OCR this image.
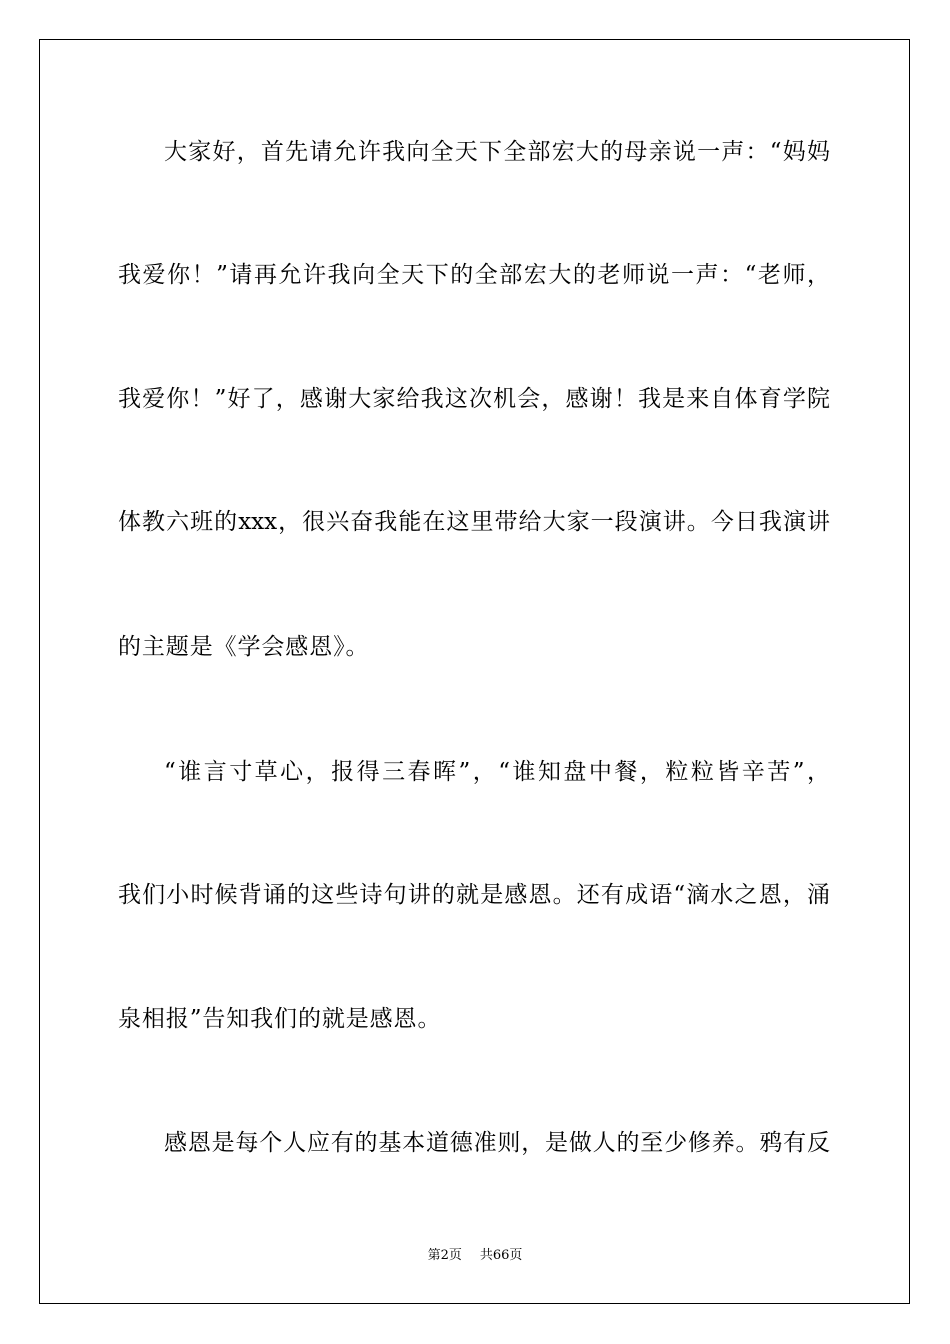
大家好，首先请允许我向全天下全部宏大的母亲说一声：“妈妈
我爱你！”请再允许我向全天下的全部宏大的老师说一声：“老师，
我爱你！”好了，感谢大家给我这次机会，感谢！我是来自体育学院
体教六班的xxx，很兴奋我能在这里带给大家一段演讲。今日我演讲
的主题是《学会感恩》。
“谁言寸草心，报得三春晖”，“谁知盘中餐，粒粒皆辛苦”，
我们小时候背诵的这些诗句讲的就是感恩。还有成语“滴水之恩，涌
泉相报”告知我们的就是感恩。
感恩是每个人应有的基本道德准则，是做人的至少修养。鸦有反
第2页 共66页
